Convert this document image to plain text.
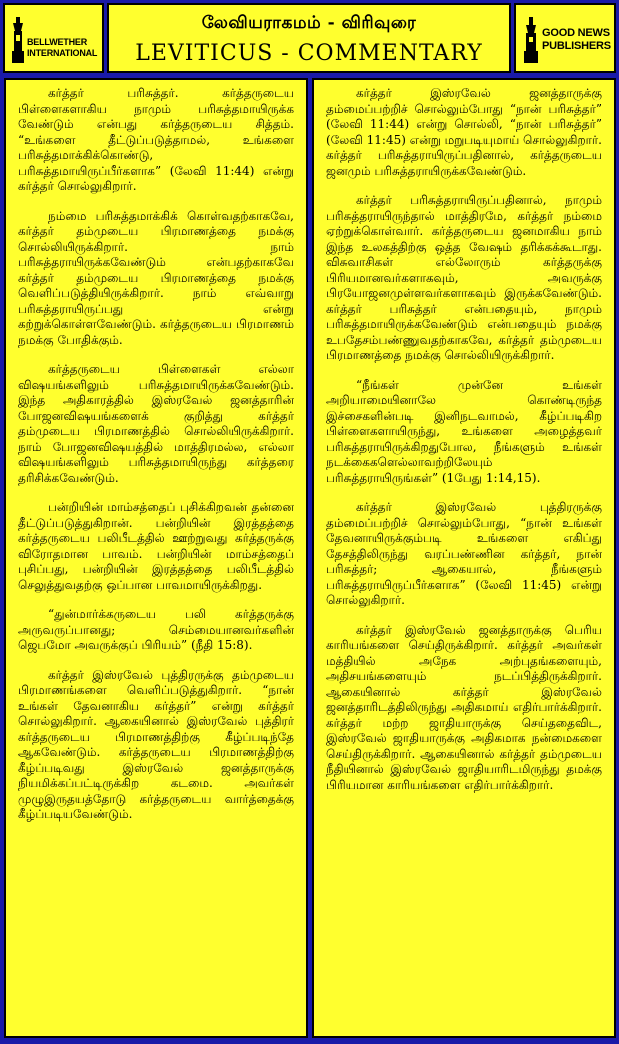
BELLWETHER
INTERNATIONAL
லேவியராகமம் - விரிவுரை
LEVITICUS - COMMENTARY
GOOD NEWS
PUBLISHERS

கர்த்தர் பரிசுத்தர். கர்த்தருடைய பிள்ளைகளாகிய நாமும் பரிசுத்தமாயிருக்க வேண்டும் என்பது கர்த்தருடைய சித்தம். “உங்களை தீட்டுப்படுத்தாமல், உங்களை பரிசுத்தமாக்கிக்கொண்டு, பரிசுத்தமாயிருப்பீர்களாக” (லேவி 11:44) என்று கர்த்தர் சொல்லுகிறார்.

நம்மை பரிசுத்தமாக்கிக் கொள்வதற்காகவே, கர்த்தர் தம்முடைய பிரமாணத்தை நமக்கு சொல்லியிருக்கிறார். நாம் பரிசுத்தராயிருக்கவேண்டும் என்பதற்காகவே கர்த்தர் தம்முடைய பிரமாணத்தை நமக்கு வெளிப்படுத்தியிருக்கிறார். நாம் எவ்வாறு பரிசுத்தராயிருப்பது என்று கற்றுக்கொள்ளவேண்டும். கர்த்தருடைய பிரமாணம் நமக்கு போதிக்கும்.

கர்த்தருடைய பிள்ளைகள் எல்லா விஷயங்களிலும் பரிசுத்தமாயிருக்கவேண்டும். இந்த அதிகாரத்தில் இஸ்ரவேல் ஜனத்தாரின் போஜனவிஷயங்களைக் குறித்து கர்த்தர் தம்முடைய பிரமாணத்தில் சொல்லியிருக்கிறார். நாம் போஜனவிஷயத்தில் மாத்திரமல்ல, எல்லா விஷயங்களிலும் பரிசுத்தமாயிருந்து கர்த்தரை தரிசிக்கவேண்டும்.

பன்றியின் மாம்சத்தைப் புசிக்கிறவன் தன்னை தீட்டுப்படுத்துகிறான். பன்றியின் இரத்தத்தை கர்த்தருடைய பலிபீடத்தில் ஊற்றுவது கர்த்தருக்கு விரோதமான பாவம். பன்றியின் மாம்சத்தைப் புசிப்பது, பன்றியின் இரத்தத்தை பலிபீடத்தில் செலுத்துவதற்கு ஒப்பான பாவமாயிருக்கிறது.

“துன்மார்க்கருடைய பலி கர்த்தருக்கு அருவருப்பானது; செம்மையானவர்களின் ஜெபமோ அவருக்குப் பிரியம்” (நீதி 15:8).

கர்த்தர் இஸ்ரவேல் புத்திரருக்கு தம்முடைய பிரமாணங்களை வெளிப்படுத்துகிறார். “நான் உங்கள் தேவனாகிய கர்த்தர்” என்று கர்த்தர் சொல்லுகிறார். ஆகையினால் இஸ்ரவேல் புத்திரர் கர்த்தருடைய பிரமாணத்திற்கு கீழ்ப்படிந்தே ஆகவேண்டும். கர்த்தருடைய பிரமாணத்திற்கு கீழ்ப்படிவது இஸ்ரவேல் ஜனத்தாருக்கு நியமிக்கப்பட்டிருக்கிற கடமை. அவர்கள் முழுஇருதயத்தோடு கர்த்தருடைய வார்த்தைக்கு கீழ்ப்படியவேண்டும்.

கர்த்தர் இஸ்ரவேல் ஜனத்தாருக்கு தம்மைப்பற்றிச் சொல்லும்போது “நான் பரிசுத்தர்” (லேவி 11:44) என்று சொல்லி, “நான் பரிசுத்தர்” (லேவி 11:45) என்று மறுபடியுமாய் சொல்லுகிறார். கர்த்தர் பரிசுத்தராயிருப்பதினால், கர்த்தருடைய ஜனமும் பரிசுத்தராயிருக்கவேண்டும்.

கர்த்தர் பரிசுத்தராயிருப்பதினால், நாமும் பரிசுத்தராயிருந்தால் மாத்திரமே, கர்த்தர் நம்மை ஏற்றுக்கொள்வார். கர்த்தருடைய ஜனமாகிய நாம் இந்த உலகத்திற்கு ஒத்த வேஷம் தரிக்கக்கூடாது. விசுவாசிகள் எல்லோரும் கர்த்தருக்கு பிரியமானவர்களாகவும், அவருக்கு பிரயோஜனமுள்ளவர்களாகவும் இருக்கவேண்டும். கர்த்தர் பரிசுத்தர் என்பதையும், நாமும் பரிசுத்தமாயிருக்கவேண்டும் என்பதையும் நமக்கு உபதேசம்பண்ணுவதற்காகவே, கர்த்தர் தம்முடைய பிரமாணத்தை நமக்கு சொல்லியிருக்கிறார்.

“நீங்கள் முன்னே உங்கள் அறியாமையினாலே கொண்டிருந்த இச்சைகளின்படி இனிநடவாமல், கீழ்ப்படிகிற பிள்ளைகளாயிருந்து, உங்களை அழைத்தவர் பரிசுத்தராயிருக்கிறதுபோல, நீங்களும் உங்கள் நடக்கைகளெல்லாவற்றிலேயும் பரிசுத்தராயிருங்கள்” (1பேது 1:14,15).

கர்த்தர் இஸ்ரவேல் புத்திரருக்கு தம்மைப்பற்றிச் சொல்லும்போது, “நான் உங்கள் தேவனாயிருக்கும்படி உங்களை எகிப்து தேசத்திலிருந்து வரப்பண்ணின கர்த்தர், நான் பரிசுத்தர்; ஆகையால், நீங்களும் பரிசுத்தராயிருப்பீர்களாக” (லேவி 11:45) என்று சொல்லுகிறார்.

கர்த்தர் இஸ்ரவேல் ஜனத்தாருக்கு பெரிய காரியங்களை செய்திருக்கிறார். கர்த்தர் அவர்கள் மத்தியில் அநேக அற்புதங்களையும், அதிசயங்களையும் நடப்பித்திருக்கிறார். ஆகையினால் கர்த்தர் இஸ்ரவேல் ஜனத்தாரிடத்திலிருந்து அதிகமாய் எதிர்பார்க்கிறார். கர்த்தர் மற்ற ஜாதியாருக்கு செய்ததைவிட, இஸ்ரவேல் ஜாதியாருக்கு அதிகமாக நன்மைகளை செய்திருக்கிறார். ஆகையினால் கர்த்தர் தம்முடைய நீதியினால் இஸ்ரவேல் ஜாதியாரிடமிருந்து தமக்கு பிரியமான காரியங்களை எதிர்பார்க்கிறார்.
